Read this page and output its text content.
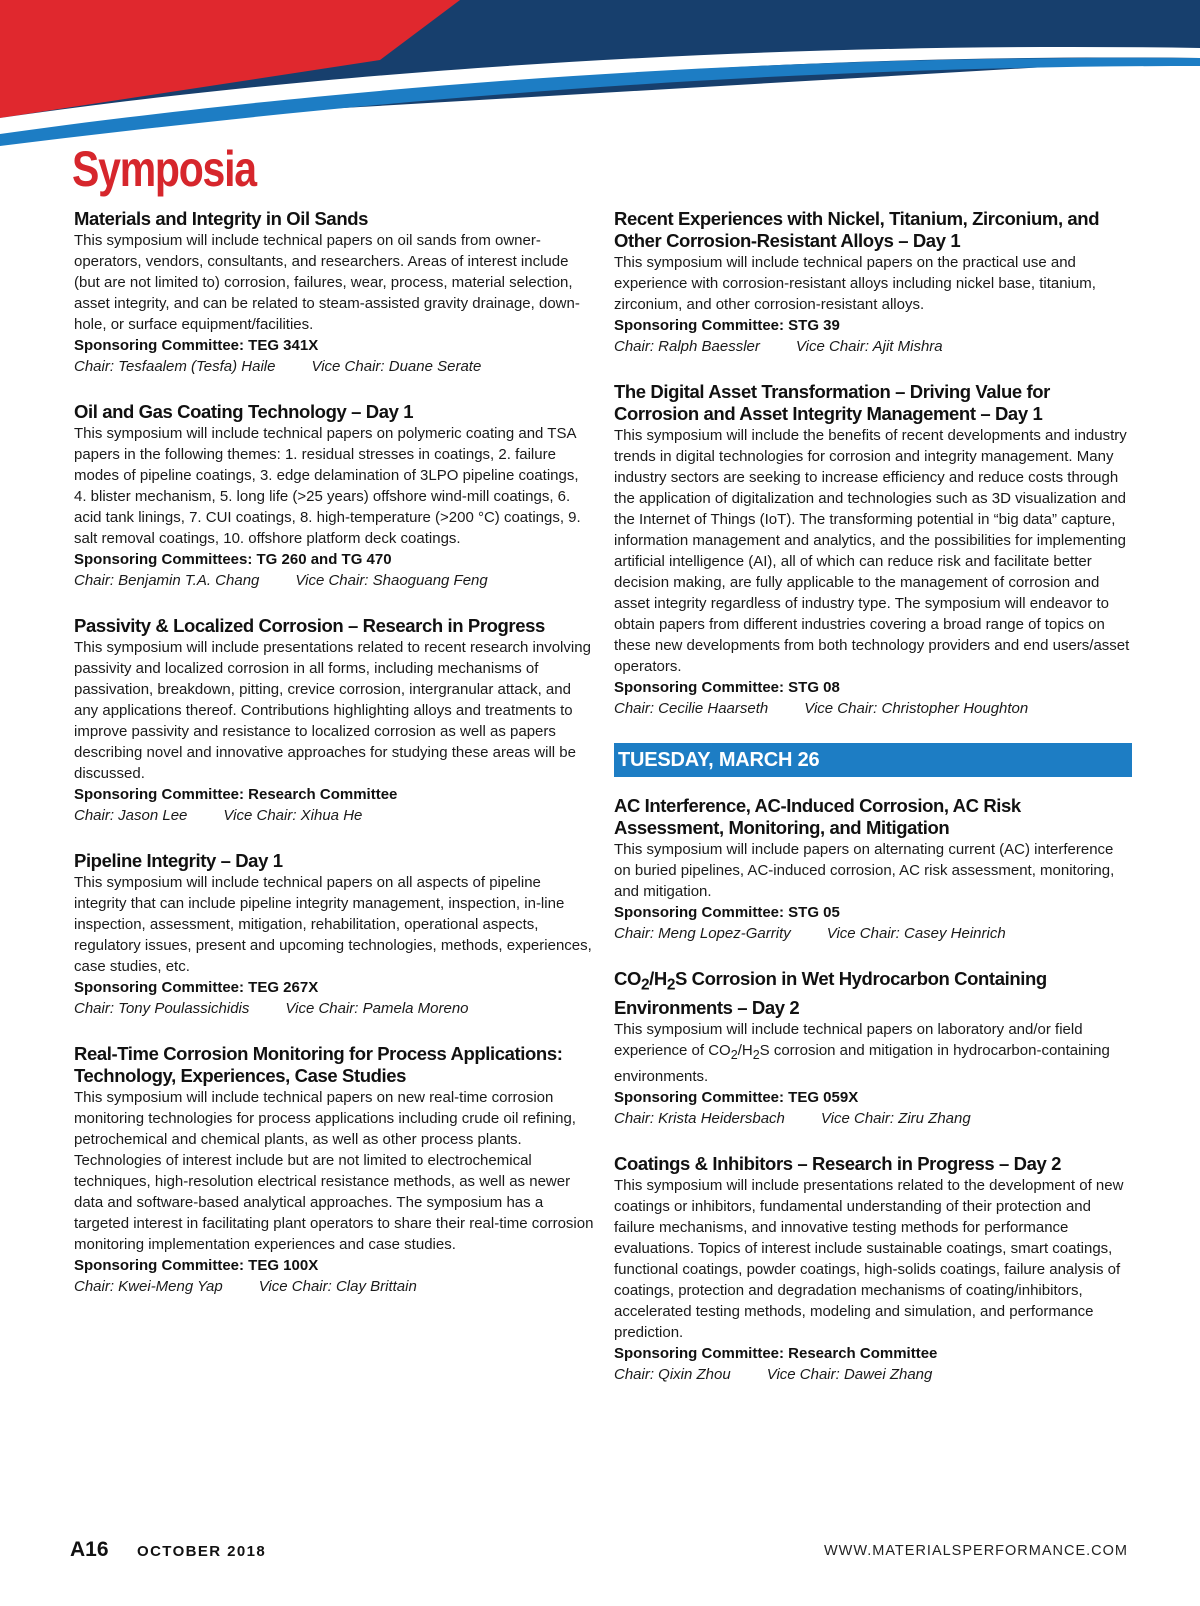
Symposia
Materials and Integrity in Oil Sands

This symposium will include technical papers on oil sands from owner-operators, vendors, consultants, and researchers. Areas of interest include (but are not limited to) corrosion, failures, wear, process, material selection, asset integrity, and can be related to steam-assisted gravity drainage, down-hole, or surface equipment/facilities.

Sponsoring Committee: TEG 341X
Chair: Tesfaalem (Tesfa) Haile Vice Chair: Duane Serate
Oil and Gas Coating Technology – Day 1

This symposium will include technical papers on polymeric coating and TSA papers in the following themes: 1. residual stresses in coatings, 2. failure modes of pipeline coatings, 3. edge delamination of 3LPO pipeline coatings, 4. blister mechanism, 5. long life (>25 years) offshore wind-mill coatings, 6. acid tank linings, 7. CUI coatings, 8. high-temperature (>200 °C) coatings, 9. salt removal coatings, 10. offshore platform deck coatings.

Sponsoring Committees: TG 260 and TG 470
Chair: Benjamin T.A. Chang Vice Chair: Shaoguang Feng
Passivity & Localized Corrosion – Research in Progress

This symposium will include presentations related to recent research involving passivity and localized corrosion in all forms, including mechanisms of passivation, breakdown, pitting, crevice corrosion, intergranular attack, and any applications thereof. Contributions highlighting alloys and treatments to improve passivity and resistance to localized corrosion as well as papers describing novel and innovative approaches for studying these areas will be discussed.

Sponsoring Committee: Research Committee
Chair: Jason Lee Vice Chair: Xihua He
Pipeline Integrity – Day 1

This symposium will include technical papers on all aspects of pipeline integrity that can include pipeline integrity management, inspection, in-line inspection, assessment, mitigation, rehabilitation, operational aspects, regulatory issues, present and upcoming technologies, methods, experiences, case studies, etc.

Sponsoring Committee: TEG 267X
Chair: Tony Poulassichidis Vice Chair: Pamela Moreno
Real-Time Corrosion Monitoring for Process Applications: Technology, Experiences, Case Studies

This symposium will include technical papers on new real-time corrosion monitoring technologies for process applications including crude oil refining, petrochemical and chemical plants, as well as other process plants. Technologies of interest include but are not limited to electrochemical techniques, high-resolution electrical resistance methods, as well as newer data and software-based analytical approaches. The symposium has a targeted interest in facilitating plant operators to share their real-time corrosion monitoring implementation experiences and case studies.

Sponsoring Committee: TEG 100X
Chair: Kwei-Meng Yap Vice Chair: Clay Brittain
Recent Experiences with Nickel, Titanium, Zirconium, and Other Corrosion-Resistant Alloys – Day 1

This symposium will include technical papers on the practical use and experience with corrosion-resistant alloys including nickel base, titanium, zirconium, and other corrosion-resistant alloys.

Sponsoring Committee: STG 39
Chair: Ralph Baessler Vice Chair: Ajit Mishra
The Digital Asset Transformation – Driving Value for Corrosion and Asset Integrity Management – Day 1

This symposium will include the benefits of recent developments and industry trends in digital technologies for corrosion and integrity management. Many industry sectors are seeking to increase efficiency and reduce costs through the application of digitalization and technologies such as 3D visualization and the Internet of Things (IoT). The transforming potential in “big data” capture, information management and analytics, and the possibilities for implementing artificial intelligence (AI), all of which can reduce risk and facilitate better decision making, are fully applicable to the management of corrosion and asset integrity regardless of industry type. The symposium will endeavor to obtain papers from different industries covering a broad range of topics on these new developments from both technology providers and end users/asset operators.

Sponsoring Committee: STG 08
Chair: Cecilie Haarseth Vice Chair: Christopher Houghton
TUESDAY, MARCH 26
AC Interference, AC-Induced Corrosion, AC Risk Assessment, Monitoring, and Mitigation

This symposium will include papers on alternating current (AC) interference on buried pipelines, AC-induced corrosion, AC risk assessment, monitoring, and mitigation.

Sponsoring Committee: STG 05
Chair: Meng Lopez-Garrity Vice Chair: Casey Heinrich
$CO_2/H_2S$ Corrosion in Wet Hydrocarbon Containing Environments – Day 2

This symposium will include technical papers on laboratory and/or field experience of $CO_2/H_2S$ corrosion and mitigation in hydrocarbon-containing environments.

Sponsoring Committee: TEG 059X
Chair: Krista Heidersbach Vice Chair: Ziru Zhang
Coatings & Inhibitors – Research in Progress – Day 2

This symposium will include presentations related to the development of new coatings or inhibitors, fundamental understanding of their protection and failure mechanisms, and innovative testing methods for performance evaluations. Topics of interest include sustainable coatings, smart coatings, functional coatings, powder coatings, high-solids coatings, failure analysis of coatings, protection and degradation mechanisms of coating/inhibitors, accelerated testing methods, modeling and simulation, and performance prediction.

Sponsoring Committee: Research Committee
Chair: Qixin Zhou Vice Chair: Dawei Zhang
A16 OCTOBER 2018	WWW.MATERIALSPERFORMANCE.COM
